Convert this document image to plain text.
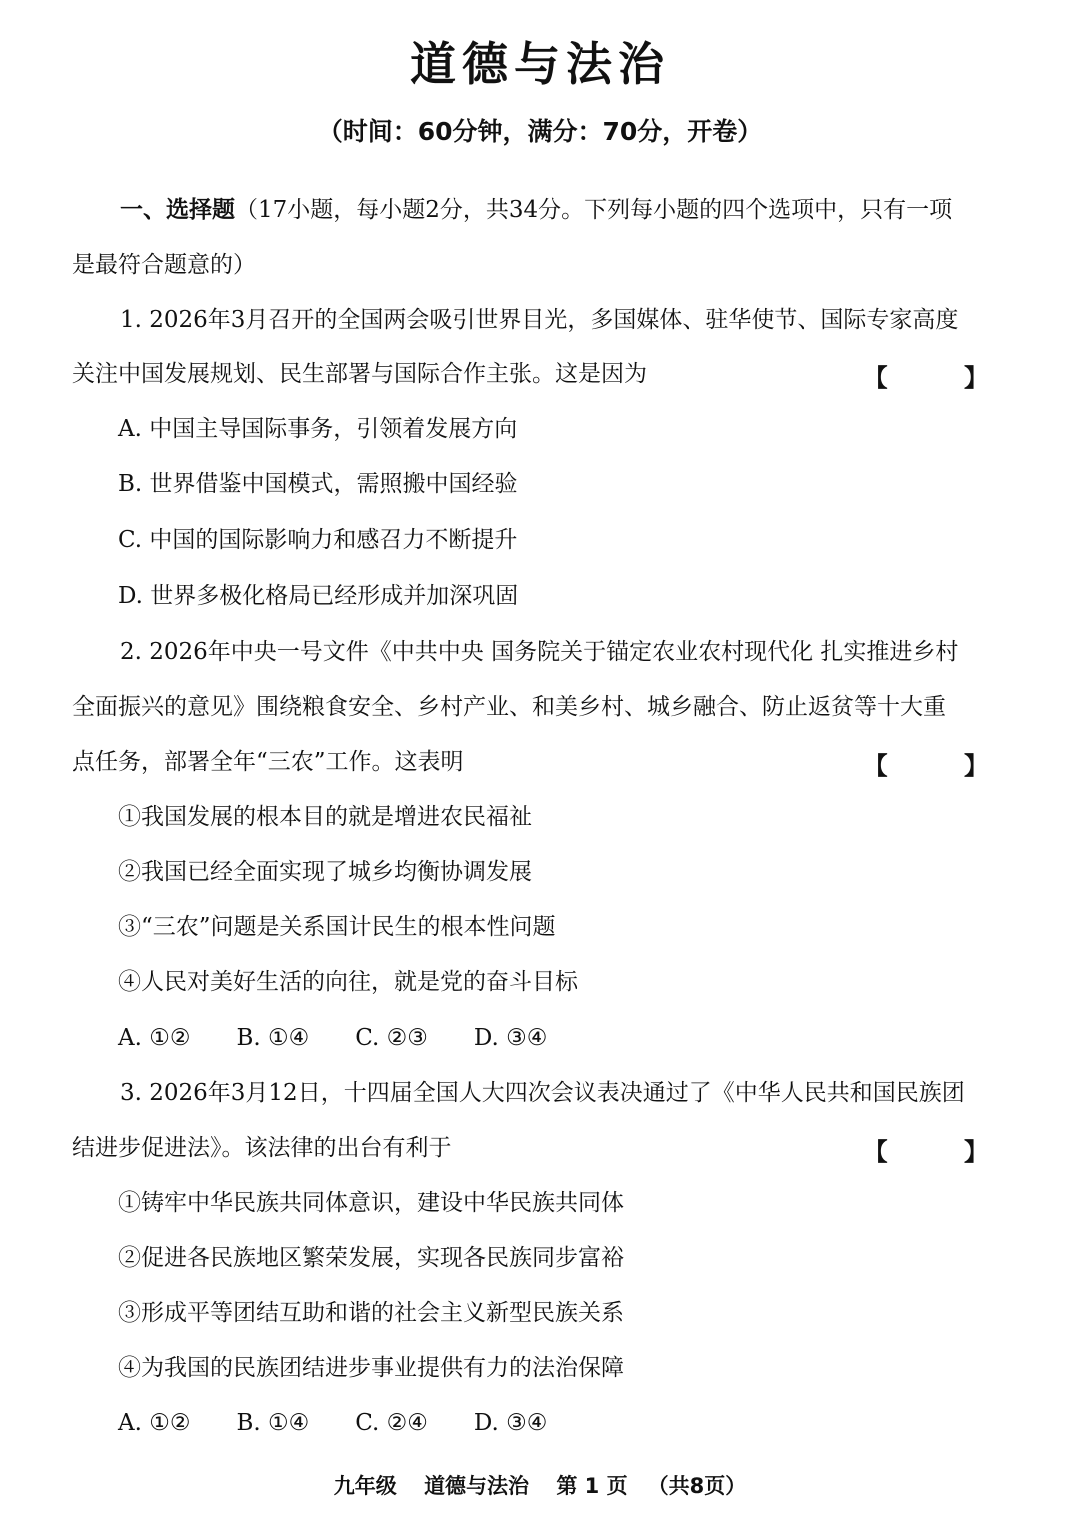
道德与法治
（时间：60分钟，满分：70分，开卷）
一、选择题（17小题，每小题2分，共34分。下列每小题的四个选项中，只有一项
是最符合题意的）
1. 2026年3月召开的全国两会吸引世界目光，多国媒体、驻华使节、国际专家高度
关注中国发展规划、民生部署与国际合作主张。这是因为	【 】
A. 中国主导国际事务，引领着发展方向
B. 世界借鉴中国模式，需照搬中国经验
C. 中国的国际影响力和感召力不断提升
D. 世界多极化格局已经形成并加深巩固
2. 2026年中央一号文件《中共中央 国务院关于锚定农业农村现代化 扎实推进乡村
全面振兴的意见》围绕粮食安全、乡村产业、和美乡村、城乡融合、防止返贫等十大重
点任务，部署全年“三农”工作。这表明	【 】
①我国发展的根本目的就是增进农民福祉
②我国已经全面实现了城乡均衡协调发展
③“三农”问题是关系国计民生的根本性问题
④人民对美好生活的向往，就是党的奋斗目标
A. ①② B. ①④ C. ②③ D. ③④
3. 2026年3月12日，十四届全国人大四次会议表决通过了《中华人民共和国民族团
结进步促进法》。该法律的出台有利于	【 】
①铸牢中华民族共同体意识，建设中华民族共同体
②促进各民族地区繁荣发展，实现各民族同步富裕
③形成平等团结互助和谐的社会主义新型民族关系
④为我国的民族团结进步事业提供有力的法治保障
A. ①② B. ①④ C. ②④ D. ③④
九年级 道德与法治 第 1 页 （共8页）
